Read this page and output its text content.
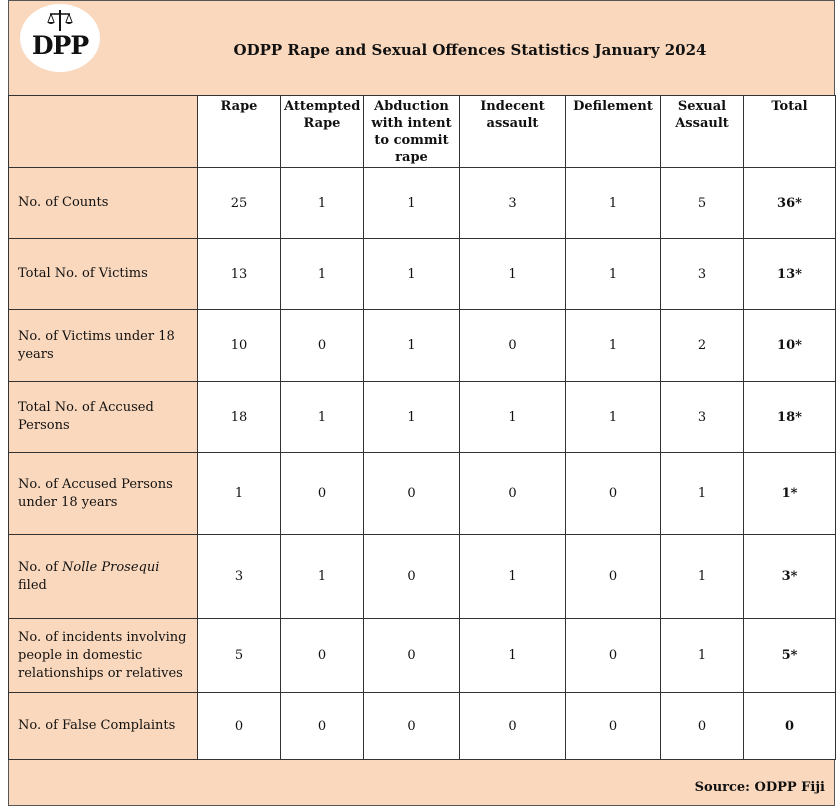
DPP	ODPP Rape and Sexual Offences Statistics January 2024
	Rape	Attempted Rape	Abduction with intent to commit rape	Indecent assault	Defilement	Sexual Assault	Total
No. of Counts	25	1	1	3	1	5	36*
Total No. of Victims	13	1	1	1	1	3	13*
No. of Victims under 18 years	10	0	1	0	1	2	10*
Total No. of Accused Persons	18	1	1	1	1	3	18*
No. of Accused Persons under 18 years	1	0	0	0	0	1	1*
No. of Nolle Prosequi filed	3	1	0	1	0	1	3*
No. of incidents involving people in domestic relationships or relatives	5	0	0	1	0	1	5*
No. of False Complaints	0	0	0	0	0	0	0
Source: ODPP Fiji
